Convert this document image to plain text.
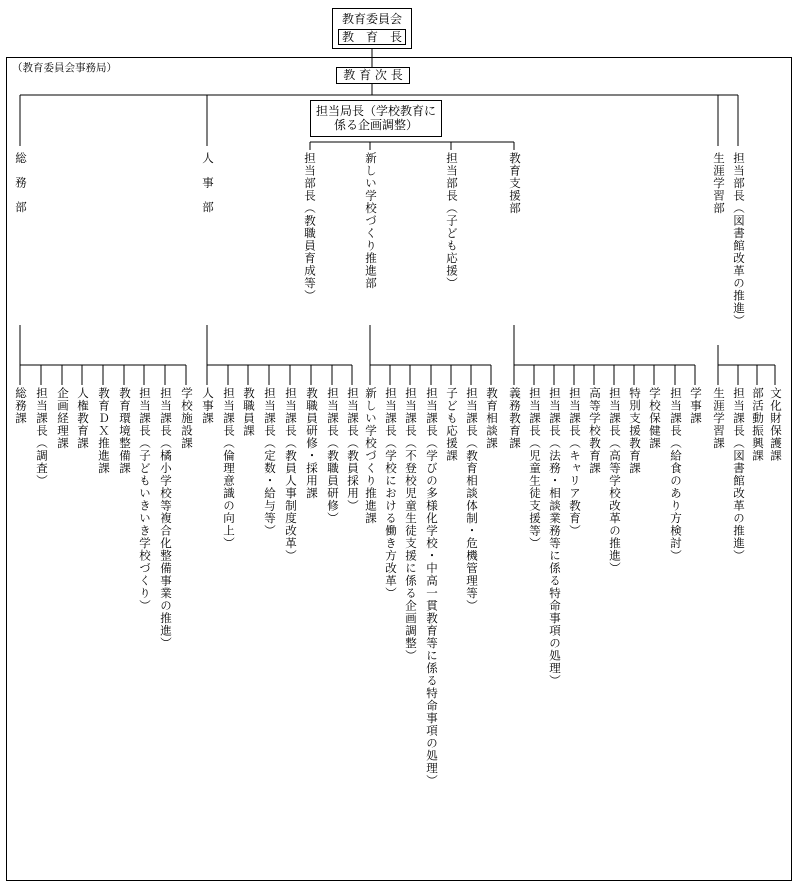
（教育委員会事務局）
教育委員会
教　育　長
教 育 次 長
担当局長（学校教育に
係る企画調整）
総務部	人事部	担当部長（教職員育成等）	新しい学校づくり推進部	担当部長（子ども応援）	教育支援部	生涯学習部 担当部長（図書館改革の推進）
総務課 担当課長（調査） 企画経理課 人権教育課 教育ＤＸ推進課 教育環境整備課 担当課長（子どもいきいき学校づくり） 担当課長（橘小学校等複合化整備事業の推進） 学校施設課 人事課 担当課長（倫理意識の向上） 教職員課 担当課長（定数・給与等） 担当課長（教員人事制度改革） 教職員研修・採用課 担当課長（教職員研修） 担当課長（教員採用） 新しい学校づくり推進課 担当課長（学校における働き方改革） 担当課長（不登校児童生徒支援に係る企画調整） 担当課長（学びの多様化学校・中高一貫教育等に係る特命事項の処理） 子ども応援課 担当課長（教育相談体制・危機管理等） 教育相談課 義務教育課 担当課長（児童生徒支援等） 担当課長（法務・相談業務等に係る特命事項の処理） 担当課長（キャリア教育） 高等学校教育課 担当課長（高等学校改革の推進） 特別支援教育課 学校保健課 担当課長（給食のあり方検討） 学事課 生涯学習課 担当課長（図書館改革の推進） 部活動振興課 文化財保護課
